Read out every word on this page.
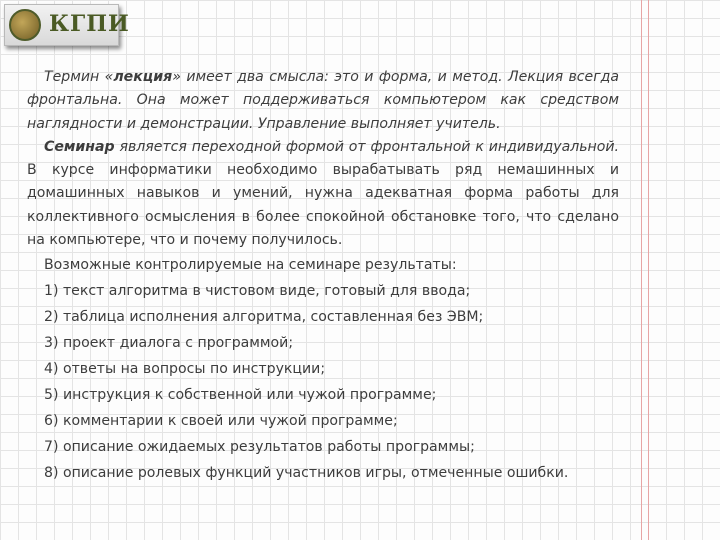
КГПИ

Термин «лекция» имеет два смысла: это и форма, и метод. Лекция всегда фронтальна. Она может поддерживаться компьютером как средством наглядности и демонстрации. Управление выполняет учитель.

Семинар является переходной формой от фронтальной к индивидуальной. В курсе информатики необходимо вырабатывать ряд немашинных и домашинных навыков и умений, нужна адекватная форма работы для коллективного осмысления в более спокойной обстановке того, что сделано на компьютере, что и почему получилось.

Возможные контролируемые на семинаре результаты:

1) текст алгоритма в чистовом виде, готовый для ввода;
2) таблица исполнения алгоритма, составленная без ЭВМ;
3) проект диалога с программой;
4) ответы на вопросы по инструкции;
5) инструкция к собственной или чужой программе;
6) комментарии к своей или чужой программе;
7) описание ожидаемых результатов работы программы;
8) описание ролевых функций участников игры, отмеченные ошибки.
